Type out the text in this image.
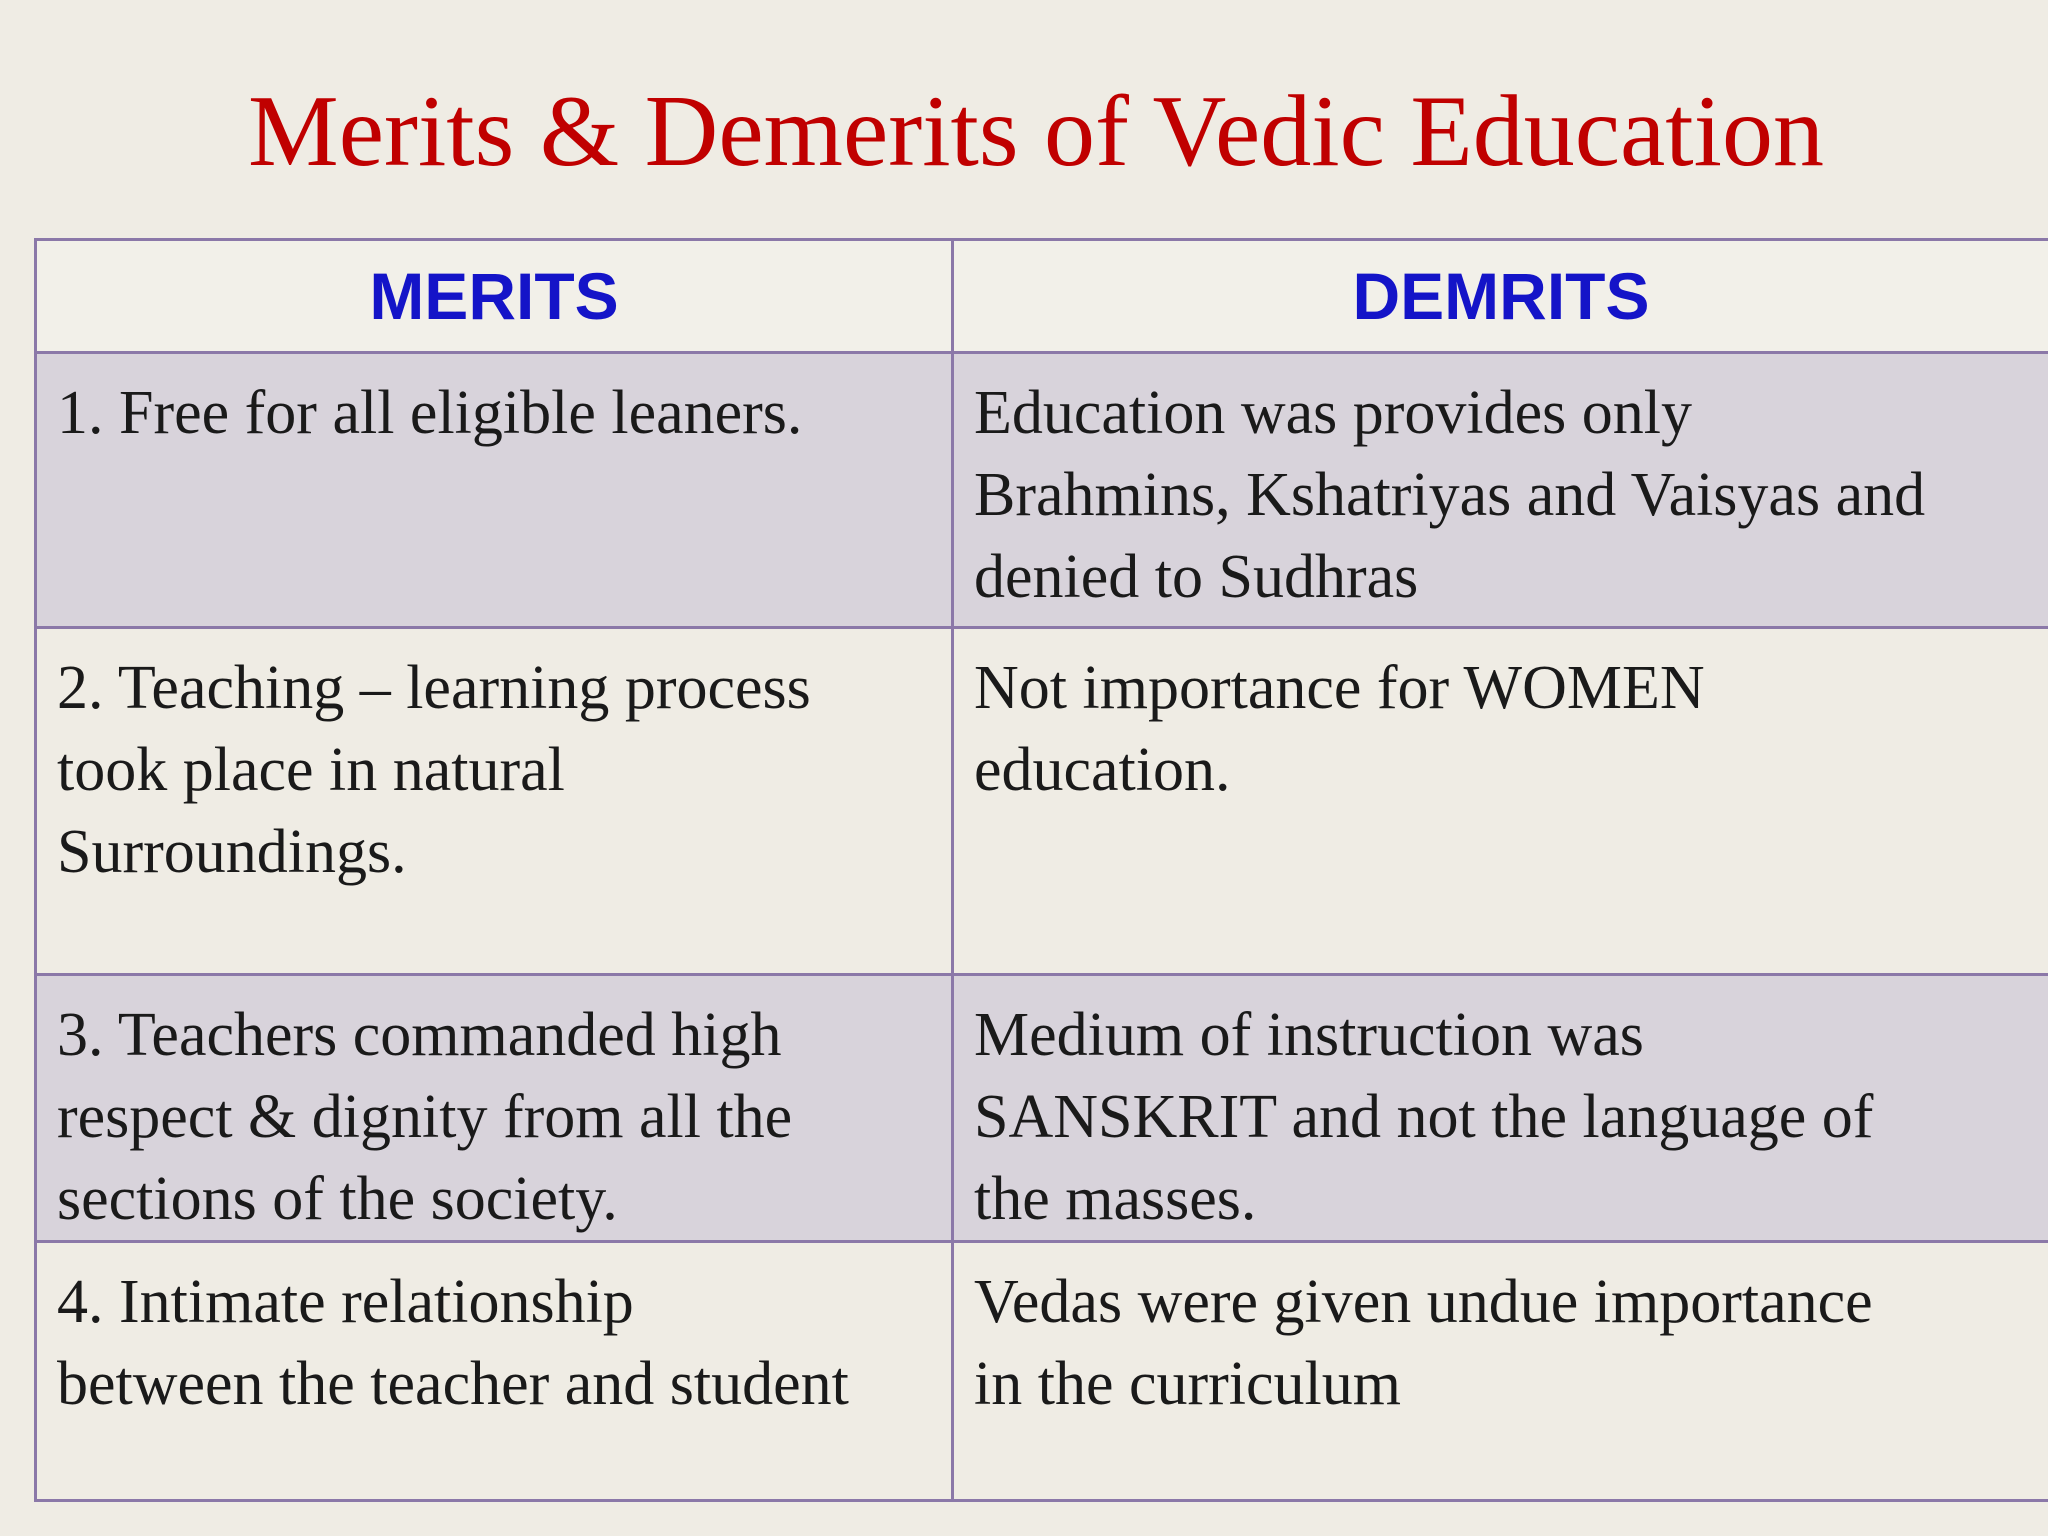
Merits & Demerits of Vedic Education
MERITS	DEMRITS

1. Free for all eligible leaners.	Education was provides only
Brahmins, Kshatriyas and Vaisyas and
denied to Sudhras

2. Teaching – learning process
took place in natural
Surroundings.	Not importance for WOMEN
education.

3. Teachers commanded high
respect & dignity from all the
sections of the society.	Medium of instruction was
SANSKRIT and not the language of
the masses.

4. Intimate relationship
between the teacher and student	Vedas were given undue importance
in the curriculum
